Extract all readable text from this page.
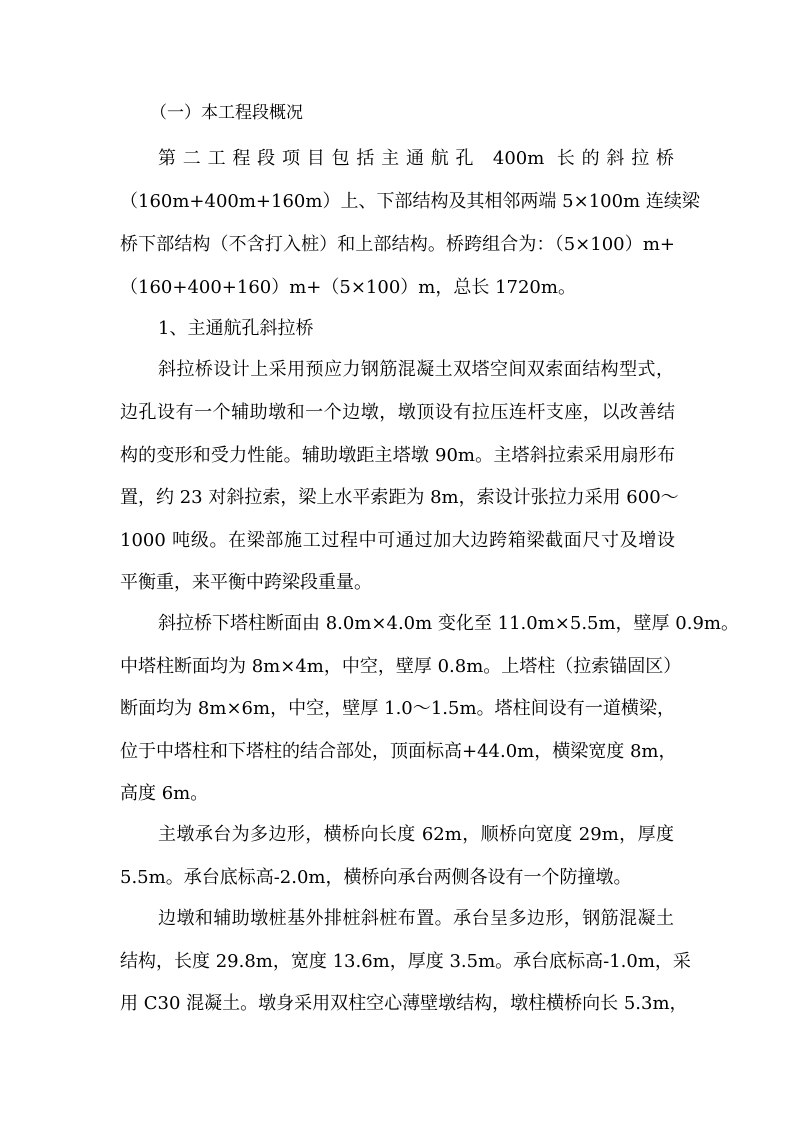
（一）本工程段概况
第二工程段项目包括主通航孔 400m 长的斜拉桥
（160m+400m+160m）上、下部结构及其相邻两端 5×100m 连续梁
桥下部结构（不含打入桩）和上部结构。桥跨组合为：（5×100）m+
（160+400+160）m+（5×100）m，总长 1720m。
1、主通航孔斜拉桥
斜拉桥设计上采用预应力钢筋混凝土双塔空间双索面结构型式，
边孔设有一个辅助墩和一个边墩，墩顶设有拉压连杆支座，以改善结
构的变形和受力性能。辅助墩距主塔墩 90m。主塔斜拉索采用扇形布
置，约 23 对斜拉索，梁上水平索距为 8m，索设计张拉力采用 600～
1000 吨级。在梁部施工过程中可通过加大边跨箱梁截面尺寸及增设
平衡重，来平衡中跨梁段重量。
斜拉桥下塔柱断面由 8.0m×4.0m 变化至 11.0m×5.5m，壁厚 0.9m。
中塔柱断面均为 8m×4m，中空，壁厚 0.8m。上塔柱（拉索锚固区）
断面均为 8m×6m，中空，壁厚 1.0～1.5m。塔柱间设有一道横梁，
位于中塔柱和下塔柱的结合部处，顶面标高+44.0m，横梁宽度 8m，
高度 6m。
主墩承台为多边形，横桥向长度 62m，顺桥向宽度 29m，厚度
5.5m。承台底标高-2.0m，横桥向承台两侧各设有一个防撞墩。
边墩和辅助墩桩基外排桩斜桩布置。承台呈多边形，钢筋混凝土
结构，长度 29.8m，宽度 13.6m，厚度 3.5m。承台底标高-1.0m，采
用 C30 混凝土。墩身采用双柱空心薄壁墩结构，墩柱横桥向长 5.3m，
